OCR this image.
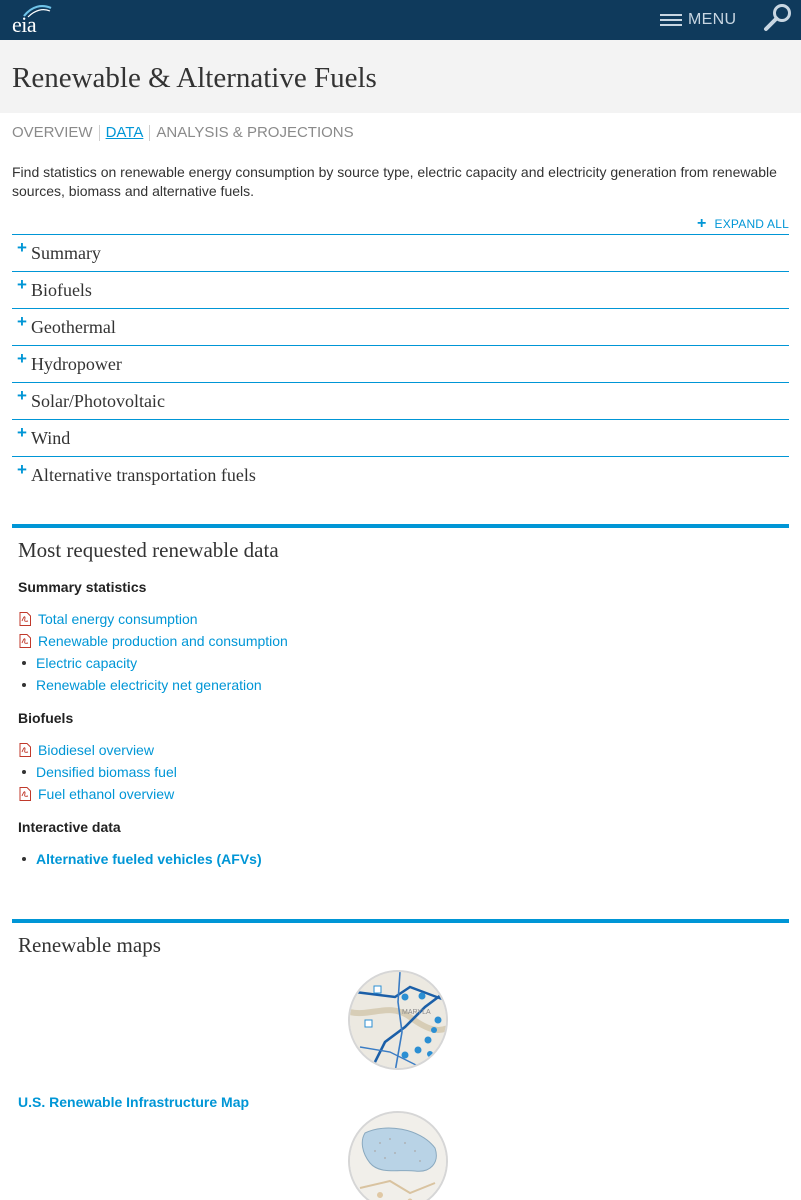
eia	MENU
Renewable & Alternative Fuels
OVERVIEW DATA ANALYSIS & PROJECTIONS

Find statistics on renewable energy consumption by source type, electric capacity and electricity generation from renewable sources, biomass and alternative fuels.

+ EXPAND ALL
+ Summary
+ Biofuels
+ Geothermal
+ Hydropower
+ Solar/Photovoltaic
+ Wind
+ Alternative transportation fuels
Most requested renewable data
Summary statistics
Total energy consumption
Renewable production and consumption
Electric capacity
Renewable electricity net generation
Biofuels
Biodiesel overview
Densified biomass fuel
Fuel ethanol overview
Interactive data
Alternative fueled vehicles (AFVs)
Renewable maps
MARYLA
U.S. Renewable Infrastructure Map
